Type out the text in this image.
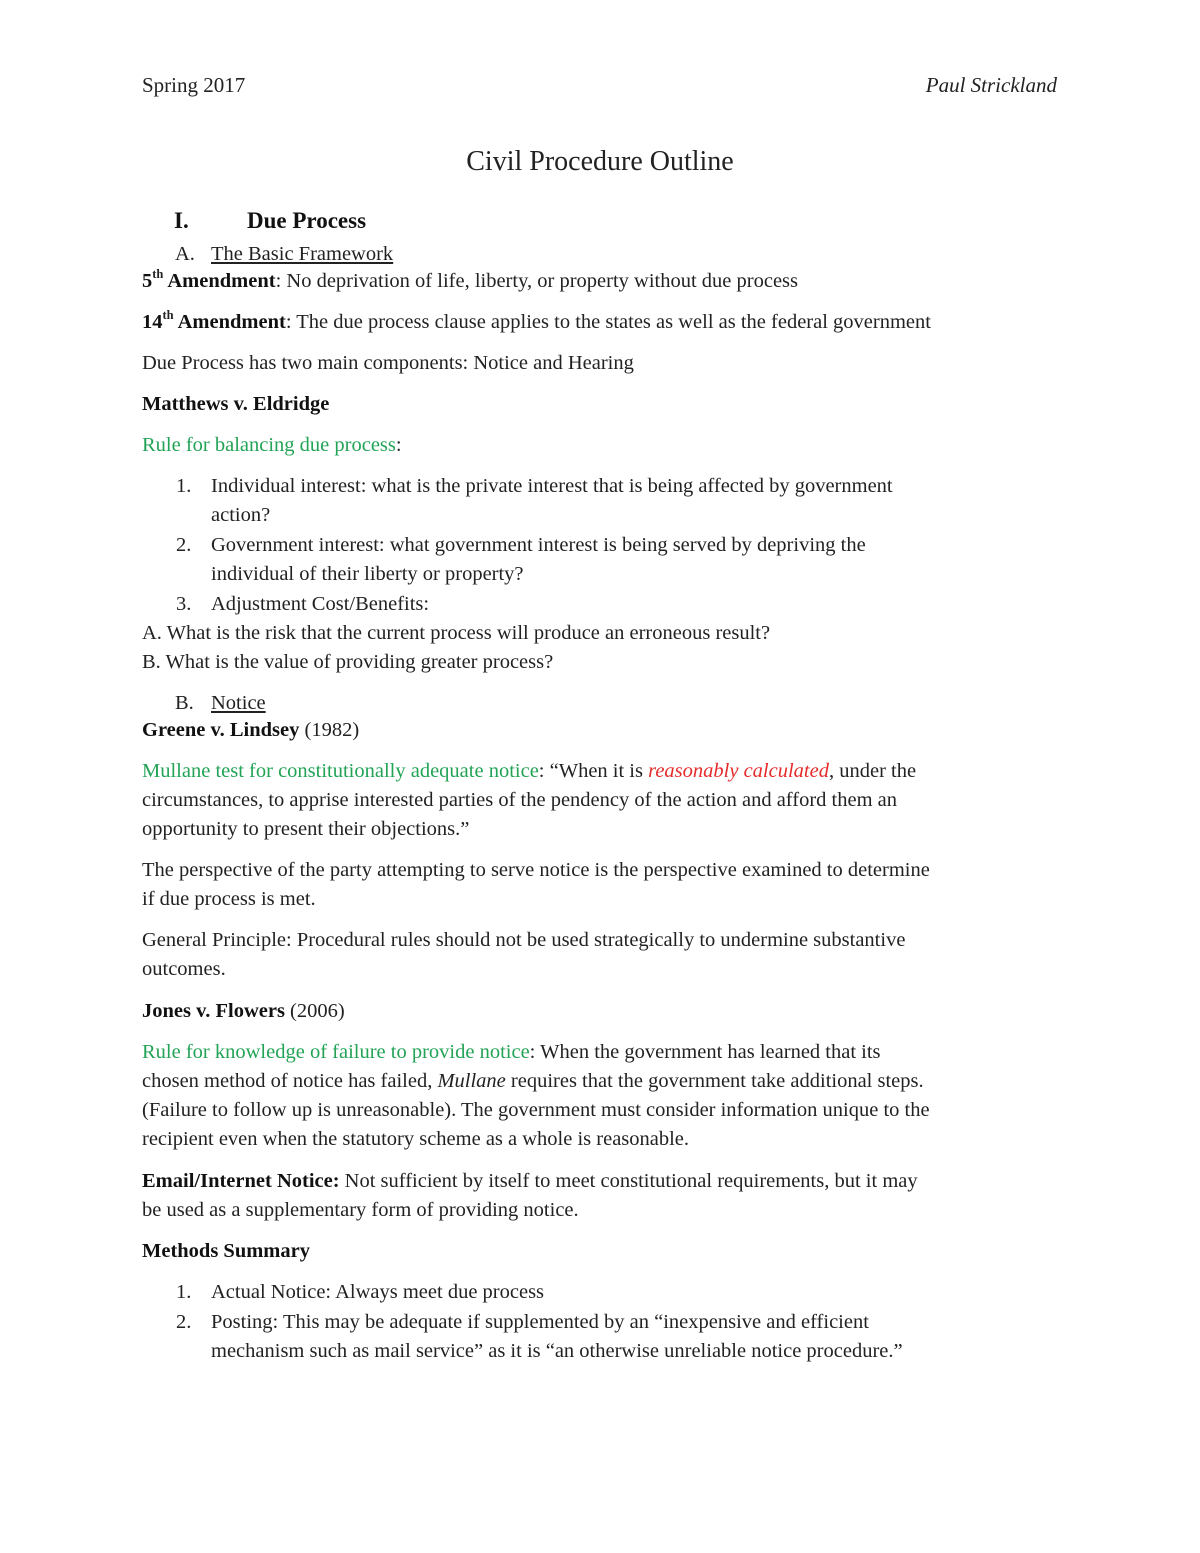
Spring 2017	Paul Strickland
Civil Procedure Outline
I.	Due Process
A. The Basic Framework
5th Amendment: No deprivation of life, liberty, or property without due process
14th Amendment: The due process clause applies to the states as well as the federal government
Due Process has two main components: Notice and Hearing
Matthews v. Eldridge
Rule for balancing due process:
1. Individual interest: what is the private interest that is being affected by government
action?
2. Government interest: what government interest is being served by depriving the
individual of their liberty or property?
3. Adjustment Cost/Benefits:
A. What is the risk that the current process will produce an erroneous result?
B. What is the value of providing greater process?
B. Notice
Greene v. Lindsey (1982)
Mullane test for constitutionally adequate notice: “When it is reasonably calculated, under the
circumstances, to apprise interested parties of the pendency of the action and afford them an
opportunity to present their objections.”
The perspective of the party attempting to serve notice is the perspective examined to determine
if due process is met.
General Principle: Procedural rules should not be used strategically to undermine substantive
outcomes.
Jones v. Flowers (2006)
Rule for knowledge of failure to provide notice: When the government has learned that its
chosen method of notice has failed, Mullane requires that the government take additional steps.
(Failure to follow up is unreasonable). The government must consider information unique to the
recipient even when the statutory scheme as a whole is reasonable.
Email/Internet Notice: Not sufficient by itself to meet constitutional requirements, but it may
be used as a supplementary form of providing notice.
Methods Summary
1. Actual Notice: Always meet due process
2. Posting: This may be adequate if supplemented by an “inexpensive and efficient
mechanism such as mail service” as it is “an otherwise unreliable notice procedure.”
